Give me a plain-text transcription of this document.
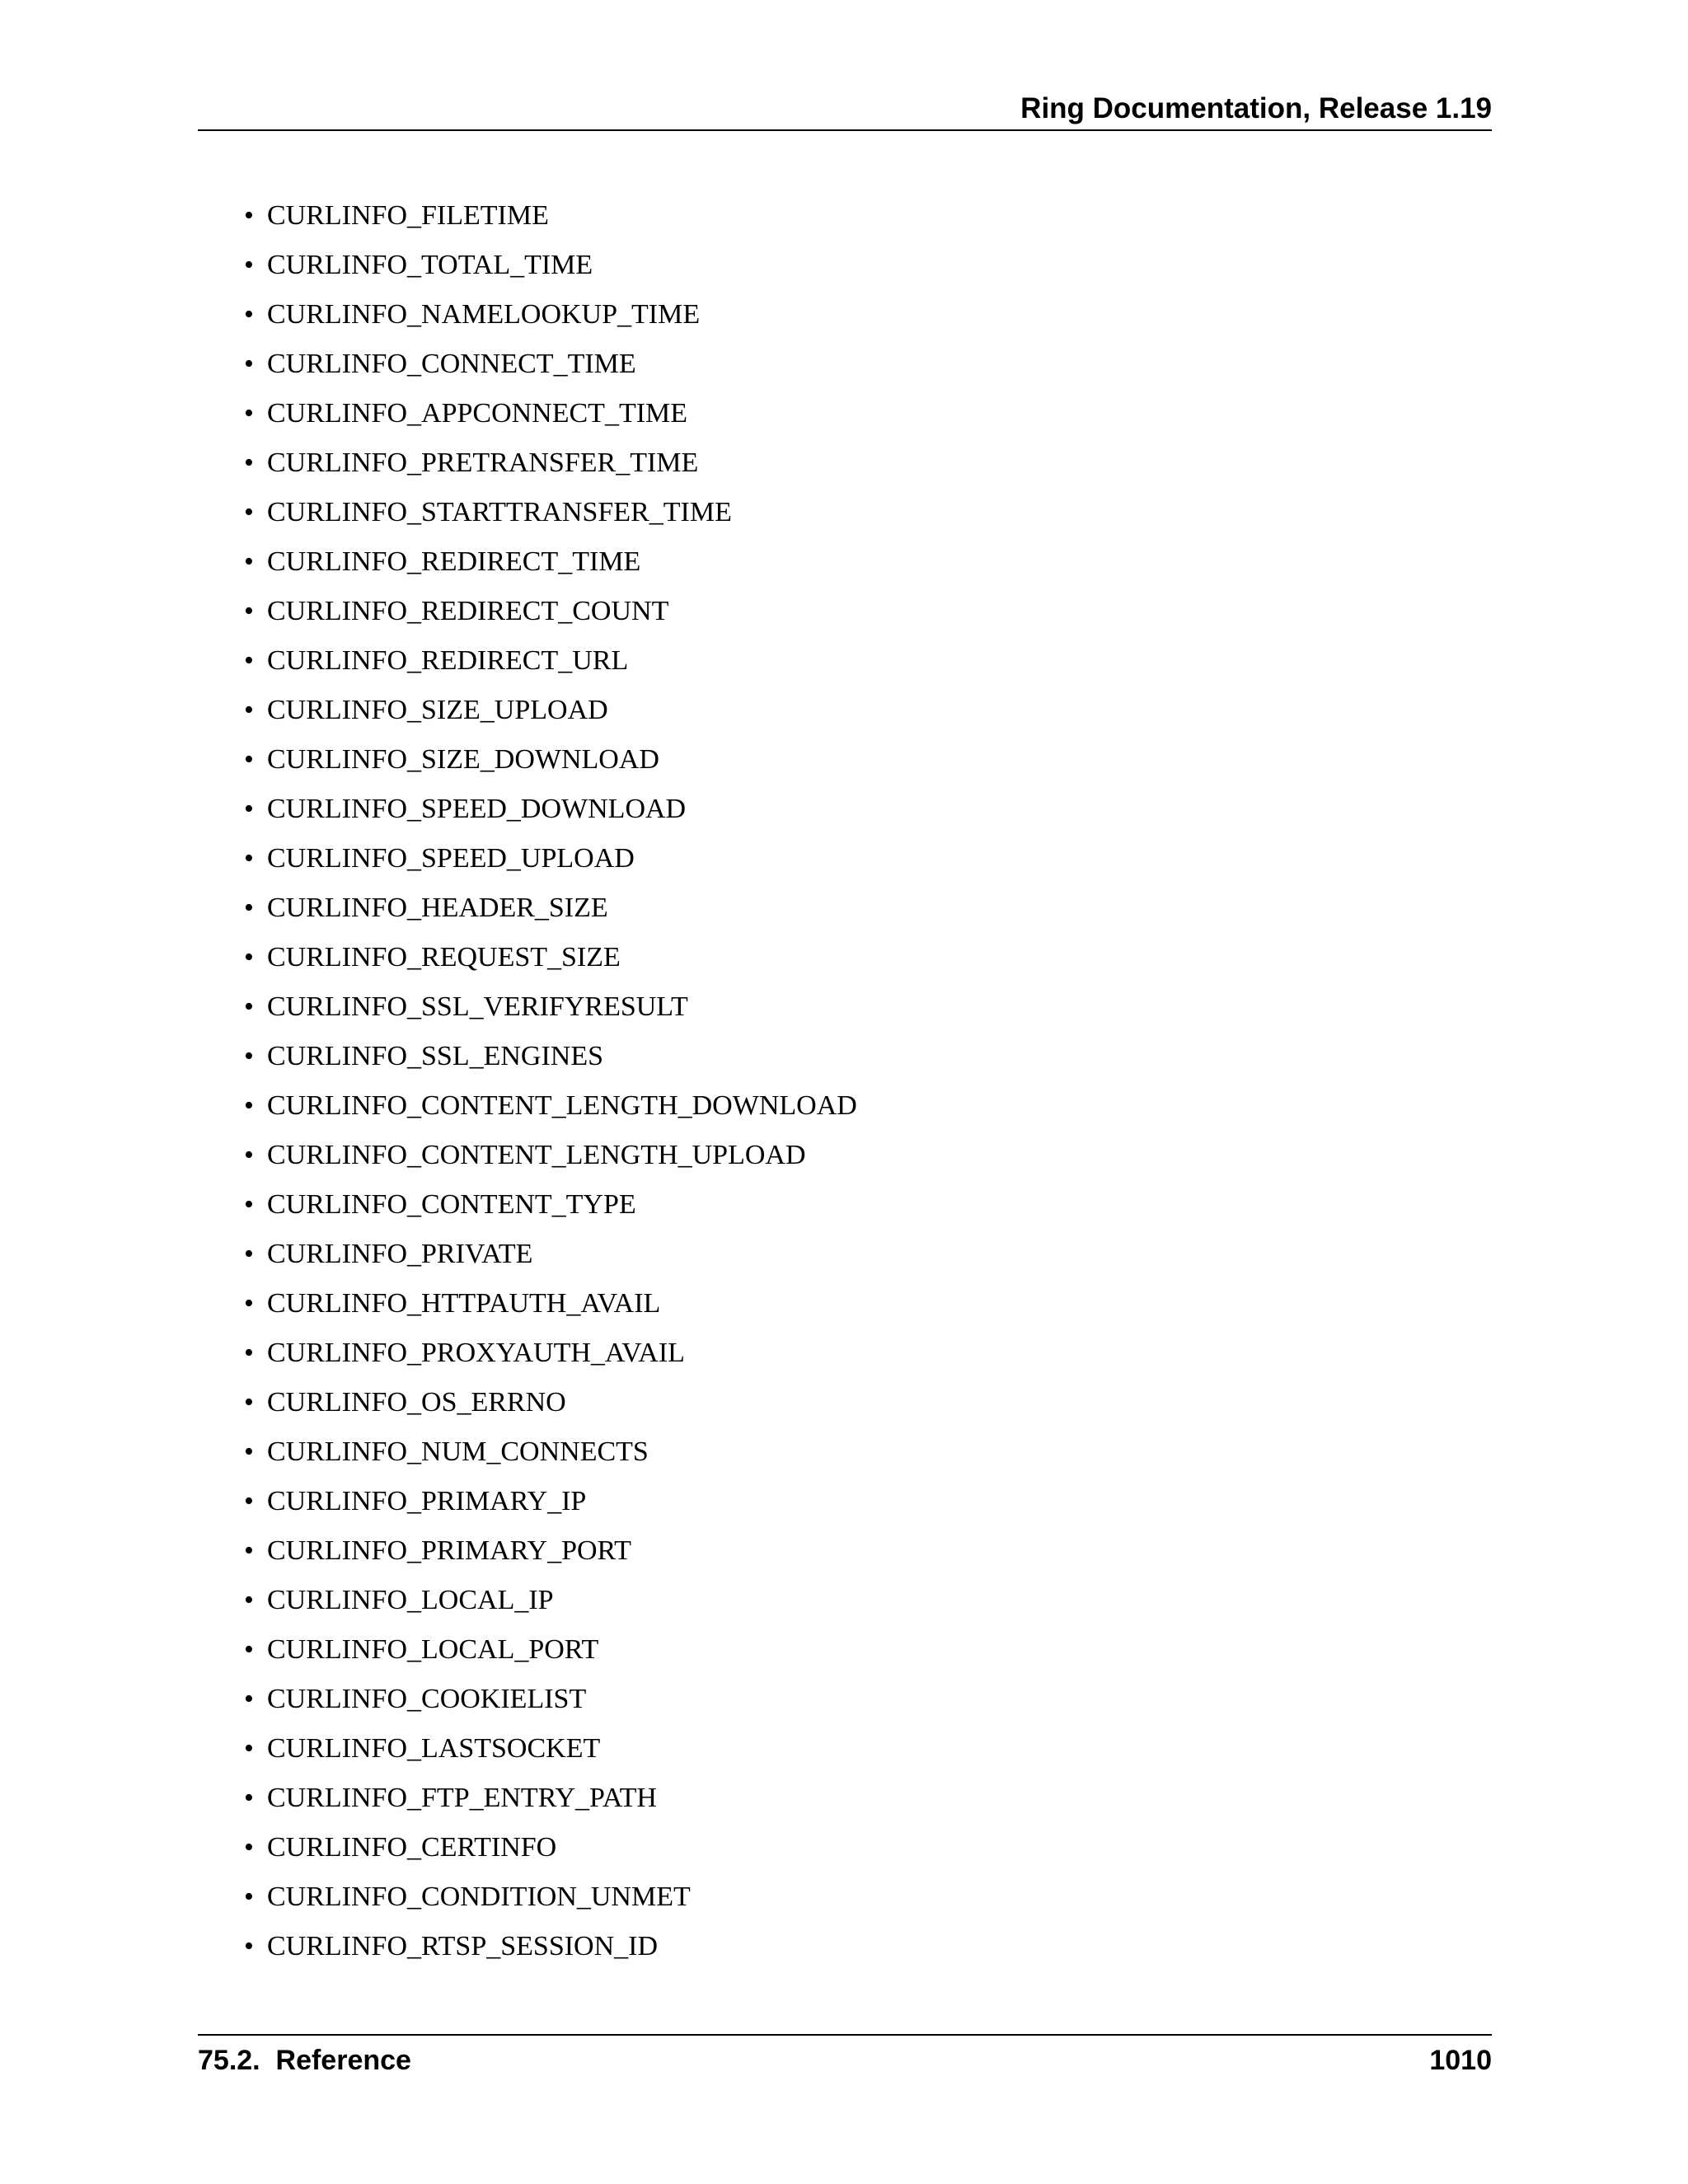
Ring Documentation, Release 1.19
• CURLINFO_FILETIME
• CURLINFO_TOTAL_TIME
• CURLINFO_NAMELOOKUP_TIME
• CURLINFO_CONNECT_TIME
• CURLINFO_APPCONNECT_TIME
• CURLINFO_PRETRANSFER_TIME
• CURLINFO_STARTTRANSFER_TIME
• CURLINFO_REDIRECT_TIME
• CURLINFO_REDIRECT_COUNT
• CURLINFO_REDIRECT_URL
• CURLINFO_SIZE_UPLOAD
• CURLINFO_SIZE_DOWNLOAD
• CURLINFO_SPEED_DOWNLOAD
• CURLINFO_SPEED_UPLOAD
• CURLINFO_HEADER_SIZE
• CURLINFO_REQUEST_SIZE
• CURLINFO_SSL_VERIFYRESULT
• CURLINFO_SSL_ENGINES
• CURLINFO_CONTENT_LENGTH_DOWNLOAD
• CURLINFO_CONTENT_LENGTH_UPLOAD
• CURLINFO_CONTENT_TYPE
• CURLINFO_PRIVATE
• CURLINFO_HTTPAUTH_AVAIL
• CURLINFO_PROXYAUTH_AVAIL
• CURLINFO_OS_ERRNO
• CURLINFO_NUM_CONNECTS
• CURLINFO_PRIMARY_IP
• CURLINFO_PRIMARY_PORT
• CURLINFO_LOCAL_IP
• CURLINFO_LOCAL_PORT
• CURLINFO_COOKIELIST
• CURLINFO_LASTSOCKET
• CURLINFO_FTP_ENTRY_PATH
• CURLINFO_CERTINFO
• CURLINFO_CONDITION_UNMET
• CURLINFO_RTSP_SESSION_ID
75.2.  Reference	1010
